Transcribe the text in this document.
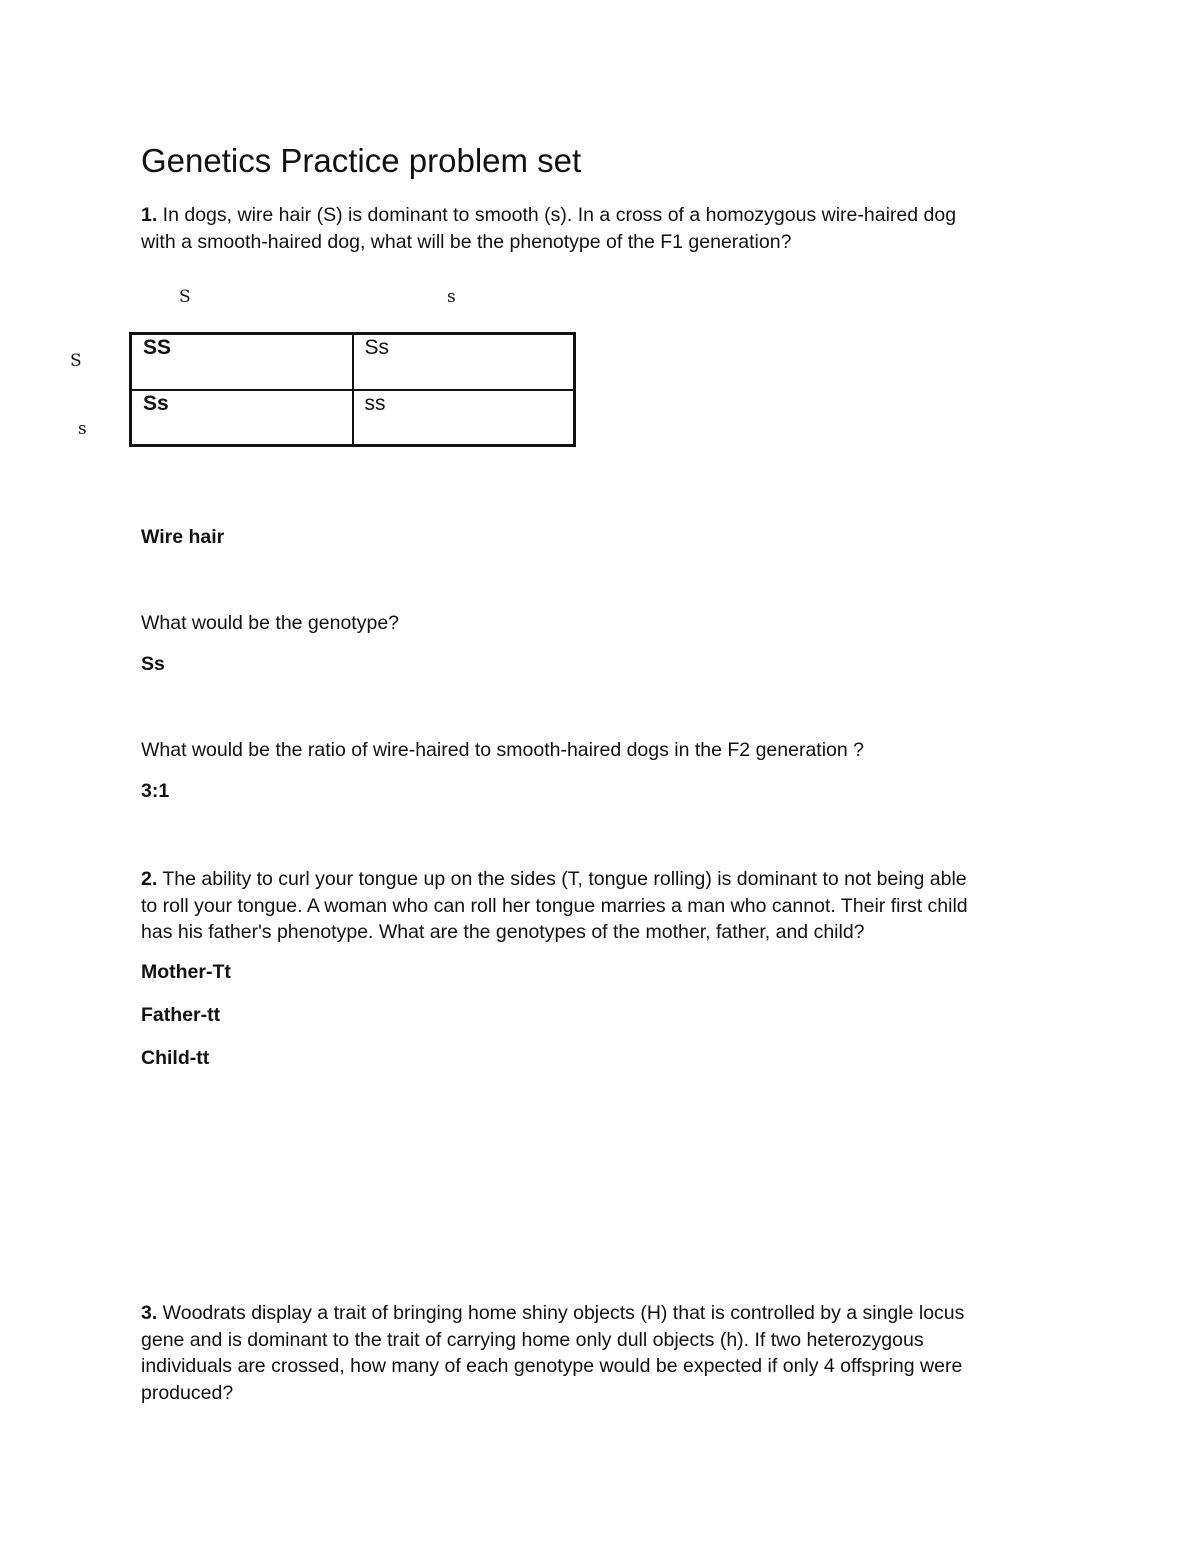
Genetics Practice problem set
1. In dogs, wire hair (S) is dominant to smooth (s). In a cross of a homozygous wire-haired dog
with a smooth-haired dog, what will be the phenotype of the F1 generation?
S	s
S
s
SS	Ss
Ss	ss
Wire hair
What would be the genotype?
Ss
What would be the ratio of wire-haired to smooth-haired dogs in the F2 generation ?
3:1
2. The ability to curl your tongue up on the sides (T, tongue rolling) is dominant to not being able
to roll your tongue. A woman who can roll her tongue marries a man who cannot. Their first child
has his father's phenotype. What are the genotypes of the mother, father, and child?
Mother-Tt
Father-tt
Child-tt
3. Woodrats display a trait of bringing home shiny objects (H) that is controlled by a single locus
gene and is dominant to the trait of carrying home only dull objects (h). If two heterozygous
individuals are crossed, how many of each genotype would be expected if only 4 offspring were
produced?
